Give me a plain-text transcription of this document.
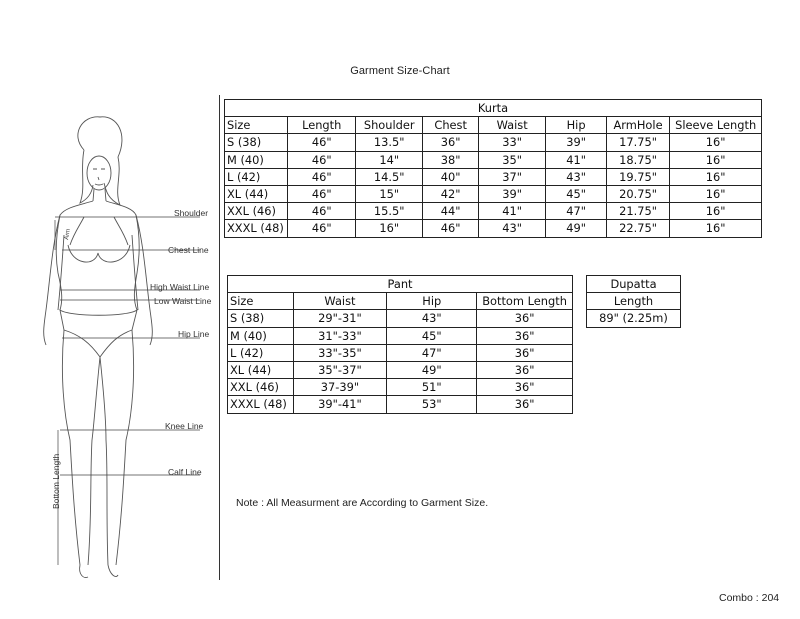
Garment Size-Chart
Shoulder
Chest Line
High Waist Line
Low Waist Line
Hip Line
Knee Line
Calf Line
Bottom Length
Arm
Kurta							
Size	Length	Shoulder	Chest	Waist	Hip	ArmHole	Sleeve Length
S (38)	46"	13.5"	36"	33"	39"	17.75"	16"
M (40)	46"	14"	38"	35"	41"	18.75"	16"
L (42)	46"	14.5"	40"	37"	43"	19.75"	16"
XL (44)	46"	15"	42"	39"	45"	20.75"	16"
XXL (46)	46"	15.5"	44"	41"	47"	21.75"	16"
XXXL (48)	46"	16"	46"	43"	49"	22.75"	16"
Pant			
Size	Waist	Hip	Bottom Length
S (38)	29"-31"	43"	36"
M (40)	31"-33"	45"	36"
L (42)	33"-35"	47"	36"
XL (44)	35"-37"	49"	36"
XXL (46)	37-39"	51"	36"
XXXL (48)	39"-41"	53"	36"
Dupatta
Length
89" (2.25m)
Note : All Measurment are According to Garment Size.
Combo : 204
